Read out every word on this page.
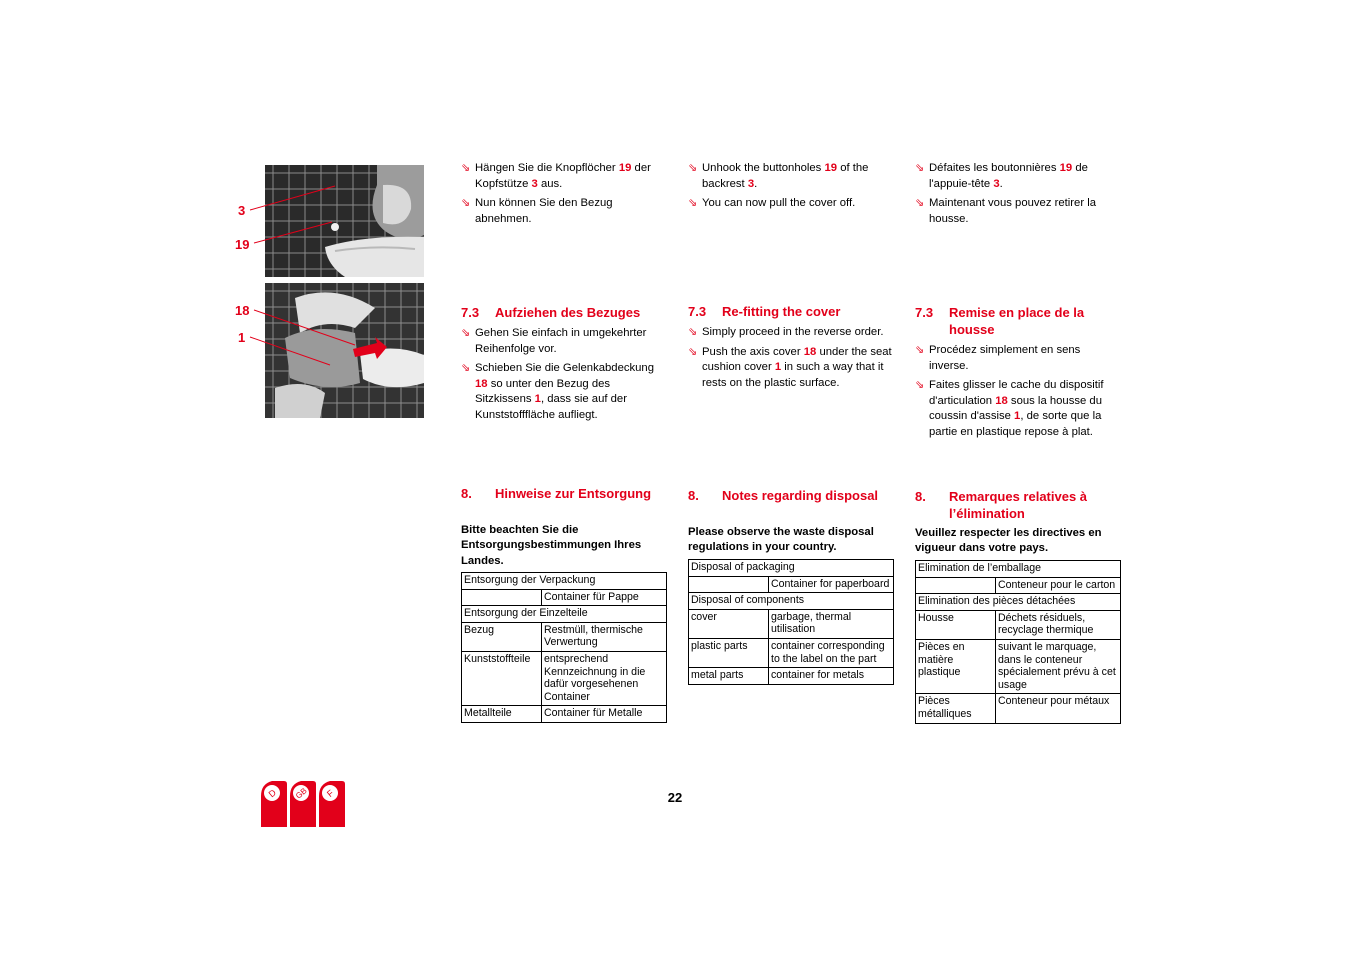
3
19
18
1
⇘ Hängen Sie die Knopflöcher 19 der Kopfstütze 3 aus.
⇘ Nun können Sie den Bezug abnehmen.
7.3	Aufziehen des Bezuges
⇘ Gehen Sie einfach in umgekehrter Reihenfolge vor.
⇘ Schieben Sie die Gelenkabdeckung 18 so unter den Bezug des Sitzkissens 1, dass sie auf der Kunststofffläche aufliegt.
8.	Hinweise zur Entsorgung
Bitte beachten Sie die Entsorgungsbestimmungen Ihres Landes.
Entsorgung der Verpackung	
	Container für Pappe
Entsorgung der Einzelteile	
Bezug	Restmüll, thermische Verwertung
Kunststoffteile	entsprechend Kennzeichnung in die dafür vorgesehenen Container
Metallteile	Container für Metalle
⇘ Unhook the buttonholes 19 of the backrest 3.
⇘ You can now pull the cover off.
7.3	Re-fitting the cover
⇘ Simply proceed in the reverse order.
⇘ Push the axis cover 18 under the seat cushion cover 1 in such a way that it rests on the plastic surface.
8.	Notes regarding disposal
Please observe the waste disposal regulations in your country.
Disposal of packaging	
	Container for paperboard
Disposal of components	
cover	garbage, thermal utilisation
plastic parts	container corresponding to the label on the part
metal parts	container for metals
⇘ Défaites les boutonnières 19 de l'appuie-tête 3.
⇘ Maintenant vous pouvez retirer la housse.
7.3	Remise en place de la housse
⇘ Procédez simplement en sens inverse.
⇘ Faites glisser le cache du dispositif d'articulation 18 sous la housse du coussin d'assise 1, de sorte que la partie en plastique repose à plat.
8.	Remarques relatives à l’élimination
Veuillez respecter les directives en vigueur dans votre pays.
Elimination de l’emballage	
	Conteneur pour le carton
Elimination des pièces détachées	
Housse	Déchets résiduels, recyclage thermique
Pièces en matière plastique	suivant le marquage, dans le conteneur spécialement prévu à cet usage
Pièces métalliques	Conteneur pour métaux
22
D GB F
